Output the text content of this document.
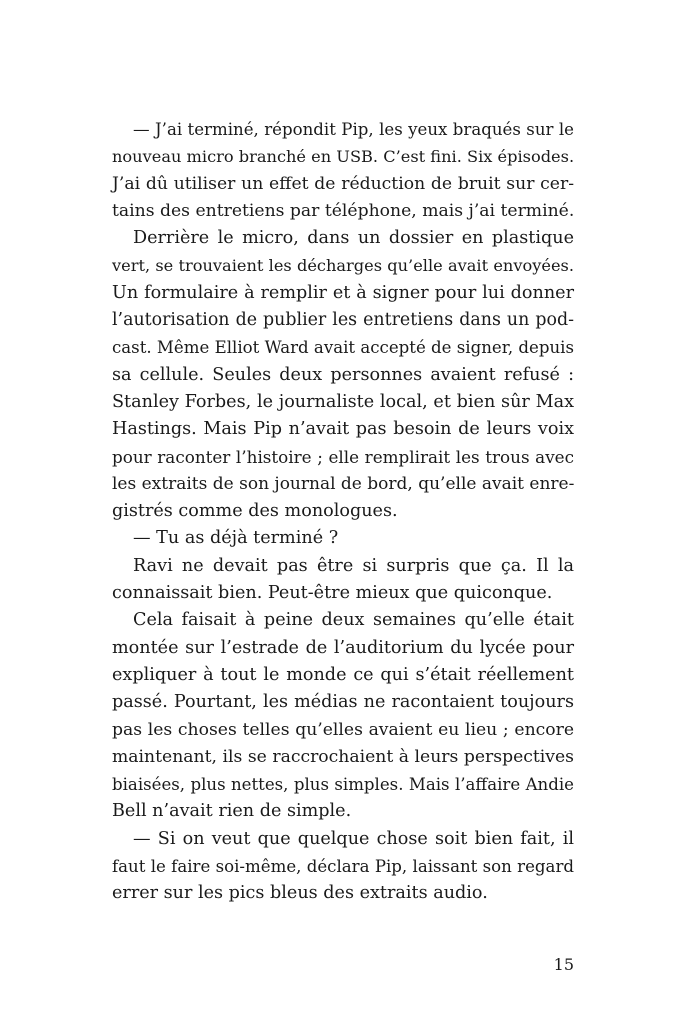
— J’ai terminé, répondit Pip, les yeux braqués sur le
nouveau micro branché en USB. C’est fini. Six épisodes.
J’ai dû utiliser un effet de réduction de bruit sur cer-
tains des entretiens par téléphone, mais j’ai terminé.
Derrière le micro, dans un dossier en plastique
vert, se trouvaient les décharges qu’elle avait envoyées.
Un formulaire à remplir et à signer pour lui donner
l’autorisation de publier les entretiens dans un pod-
cast. Même Elliot Ward avait accepté de signer, depuis
sa cellule. Seules deux personnes avaient refusé :
Stanley Forbes, le journaliste local, et bien sûr Max
Hastings. Mais Pip n’avait pas besoin de leurs voix
pour raconter l’histoire ; elle remplirait les trous avec
les extraits de son journal de bord, qu’elle avait enre-
gistrés comme des monologues.
— Tu as déjà terminé ?
Ravi ne devait pas être si surpris que ça. Il la
connaissait bien. Peut-être mieux que quiconque.
Cela faisait à peine deux semaines qu’elle était
montée sur l’estrade de l’auditorium du lycée pour
expliquer à tout le monde ce qui s’était réellement
passé. Pourtant, les médias ne racontaient toujours
pas les choses telles qu’elles avaient eu lieu ; encore
maintenant, ils se raccrochaient à leurs perspectives
biaisées, plus nettes, plus simples. Mais l’affaire Andie
Bell n’avait rien de simple.
— Si on veut que quelque chose soit bien fait, il
faut le faire soi-même, déclara Pip, laissant son regard
errer sur les pics bleus des extraits audio.
15
